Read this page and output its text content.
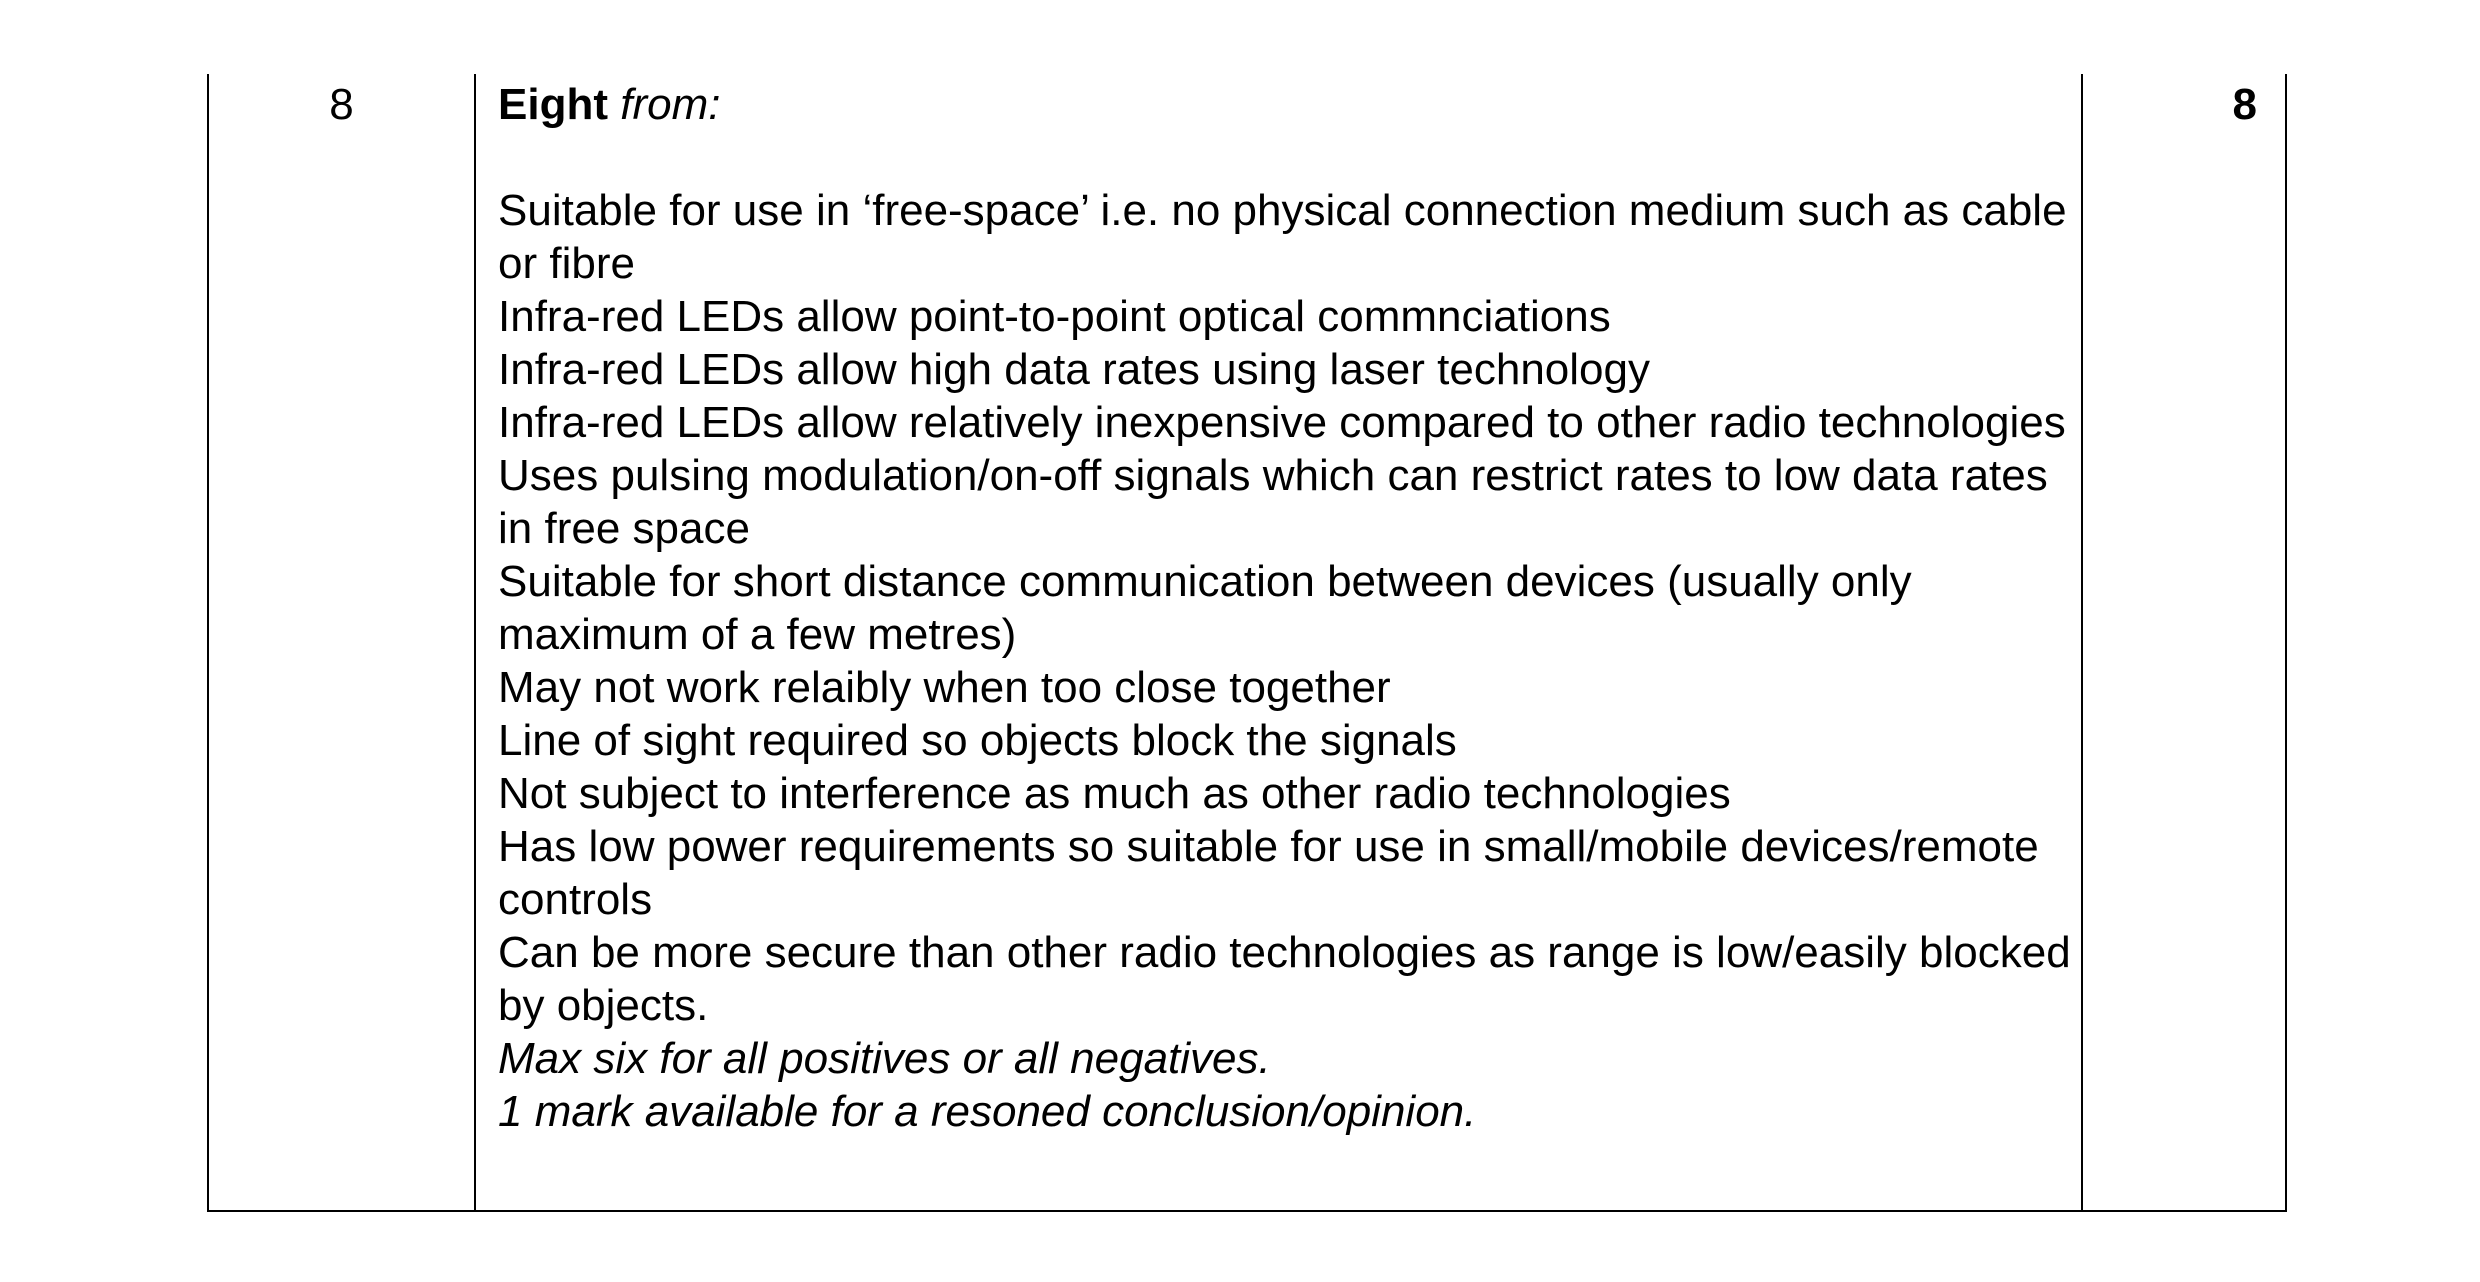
8	Eight from:
Suitable for use in ‘free-space’ i.e. no physical connection medium such as cable or fibre
Infra-red LEDs allow point-to-point optical commnciations
Infra-red LEDs allow high data rates using laser technology
Infra-red LEDs allow relatively inexpensive compared to other radio technologies
Uses pulsing modulation/on-off signals which can restrict rates to low data rates in free space
Suitable for short distance communication between devices (usually only maximum of a few metres)
May not work relaibly when too close together
Line of sight required so objects block the signals
Not subject to interference as much as other radio technologies
Has low power requirements so suitable for use in small/mobile devices/remote controls
Can be more secure than other radio technologies as range is low/easily blocked by objects.
Max six for all positives or all negatives.
1 mark available for a resoned conclusion/opinion.
8
